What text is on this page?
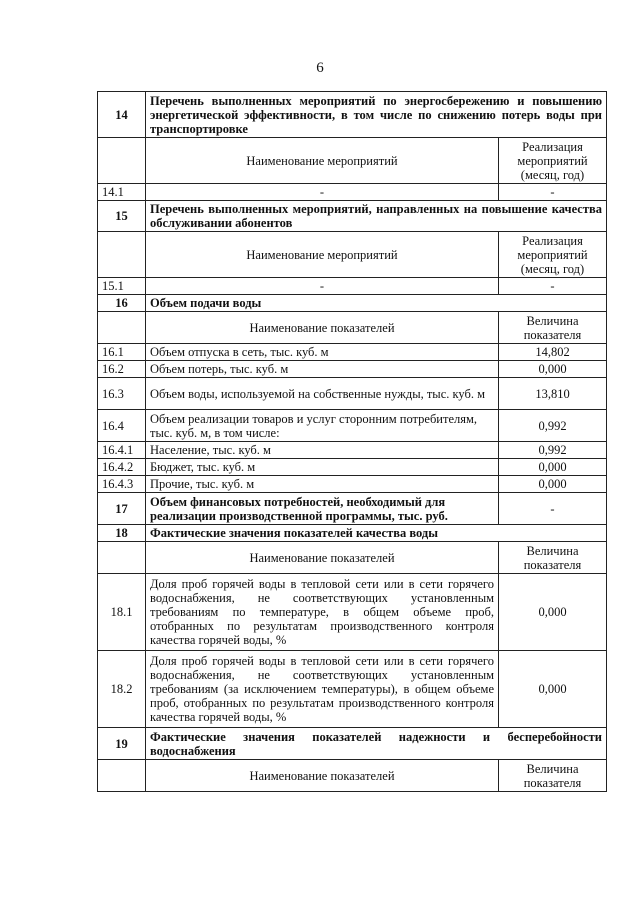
6
14	Перечень выполненных мероприятий по энергосбережению и повышению энергетической эффективности, в том числе по снижению потерь воды при транспортировке	
	Наименование мероприятий	Реализация мероприятий (месяц, год)
14.1	-	-
15	Перечень выполненных мероприятий, направленных на повышение качества обслуживании абонентов	
	Наименование мероприятий	Реализация мероприятий (месяц, год)
15.1	-	-
16	Объем подачи воды	
	Наименование показателей	Величина показателя
16.1	Объем отпуска в сеть, тыс. куб. м	14,802
16.2	Объем потерь, тыс. куб. м	0,000
16.3	Объем воды, используемой на собственные нужды, тыс. куб. м	13,810
16.4	Объем реализации товаров и услуг сторонним потребителям, тыс. куб. м, в том числе:	0,992
16.4.1	Население, тыс. куб. м	0,992
16.4.2	Бюджет, тыс. куб. м	0,000
16.4.3	Прочие, тыс. куб. м	0,000
17	Объем финансовых потребностей, необходимый для реализации производственной программы, тыс. руб.	-
18	Фактические значения показателей качества воды	
	Наименование показателей	Величина показателя
18.1	Доля проб горячей воды в тепловой сети или в сети горячего водоснабжения, не соответствующих установленным требованиям по температуре, в общем объеме проб, отобранных по результатам производственного контроля качества горячей воды, %	0,000
18.2	Доля проб горячей воды в тепловой сети или в сети горячего водоснабжения, не соответствующих установленным требованиям (за исключением температуры), в общем объеме проб, отобранных по результатам производственного контроля качества горячей воды, %	0,000
19	Фактические значения показателей надежности и бесперебойности водоснабжения	
	Наименование показателей	Величина показателя
